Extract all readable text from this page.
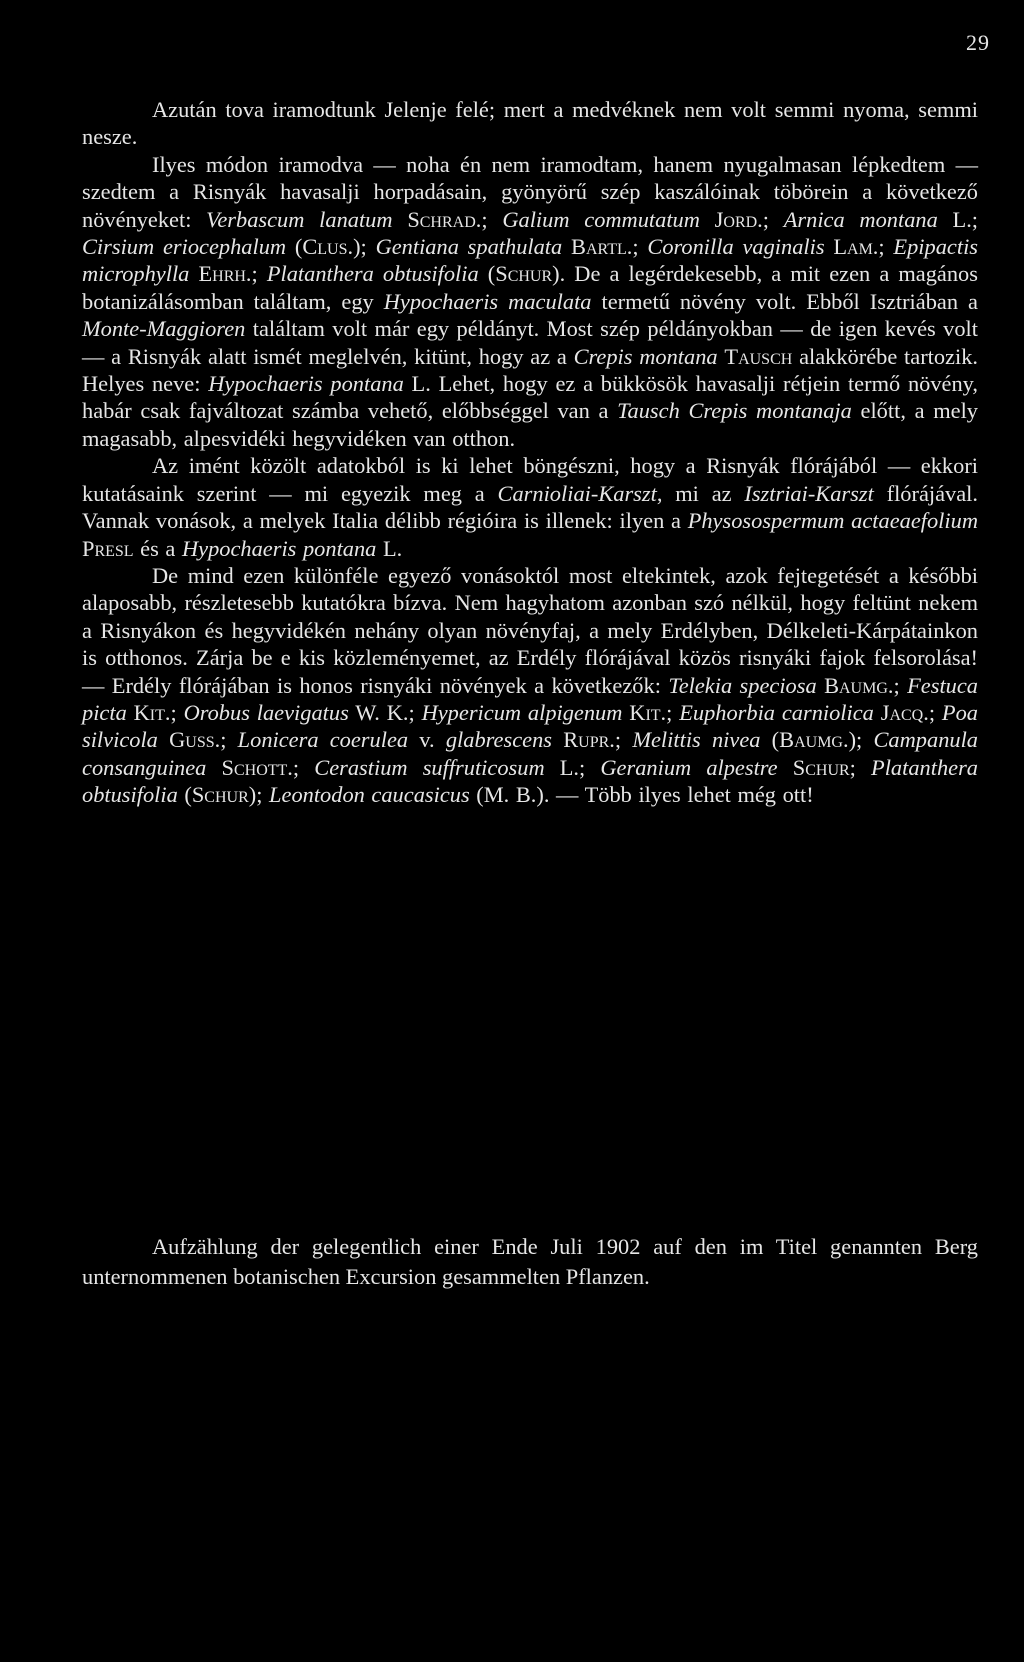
29

Azután tova iramodtunk Jelenje felé; mert a medvéknek nem volt semmi nyoma, semmi nesze.

Ilyes módon iramodva — noha én nem iramodtam, hanem nyugalmasan lépkedtem — szedtem a Risnyák havasalji horpadásain, gyönyörű szép kaszálóinak töbörein a következő növényeket: Verbascum lanatum Schrad.; Galium commutatum Jord.; Arnica montana L.; Cirsium eriocephalum (Clus.); Gentiana spathulata Bartl.; Coronilla vaginalis Lam.; Epipactis microphylla Ehrh.; Platanthera obtusifolia (Schur). De a legérdekesebb, a mit ezen a magános botanizálásomban találtam, egy Hypochaeris maculata termetű növény volt. Ebből Isztriában a Monte-Maggioren találtam volt már egy példányt. Most szép példányokban — de igen kevés volt — a Risnyák alatt ismét meglelvén, kitünt, hogy az a Crepis montana Tausch alakkörébe tartozik. Helyes neve: Hypochaeris pontana L. Lehet, hogy ez a bükkösök havasalji rétjein termő növény, habár csak fajváltozat számba vehető, előbbséggel van a Tausch Crepis montanaja előtt, a mely magasabb, alpesvidéki hegyvidéken van otthon.

Az imént közölt adatokból is ki lehet böngészni, hogy a Risnyák flórájából — ekkori kutatásaink szerint — mi egyezik meg a Carnioliai-Karszt, mi az Isztriai-Karszt flórájával. Vannak vonások, a melyek Italia délibb régióira is illenek: ilyen a Physosospermum actaeaefolium Presl és a Hypochaeris pontana L.

De mind ezen különféle egyező vonásoktól most eltekintek, azok fejtegetését a későbbi alaposabb, részletesebb kutatókra bízva. Nem hagyhatom azonban szó nélkül, hogy feltünt nekem a Risnyákon és hegyvidékén nehány olyan növényfaj, a mely Erdélyben, Délkeleti-Kárpátainkon is otthonos. Zárja be e kis közleményemet, az Erdély flórájával közös risnyáki fajok felsorolása! — Erdély flórájában is honos risnyáki növények a következők: Telekia speciosa Baumg.; Festuca picta Kit.; Orobus laevigatus W. K.; Hypericum alpigenum Kit.; Euphorbia carniolica Jacq.; Poa silvicola Guss.; Lonicera coerulea v. glabrescens Rupr.; Melittis nivea (Baumg.); Campanula consanguinea Schott.; Cerastium suffruticosum L.; Geranium alpestre Schur; Platanthera obtusifolia (Schur); Leontodon caucasicus (M. B.). — Több ilyes lehet még ott!

Aufzählung der gelegentlich einer Ende Juli 1902 auf den im Titel genannten Berg unternommenen botanischen Excursion gesammelten Pflanzen.
